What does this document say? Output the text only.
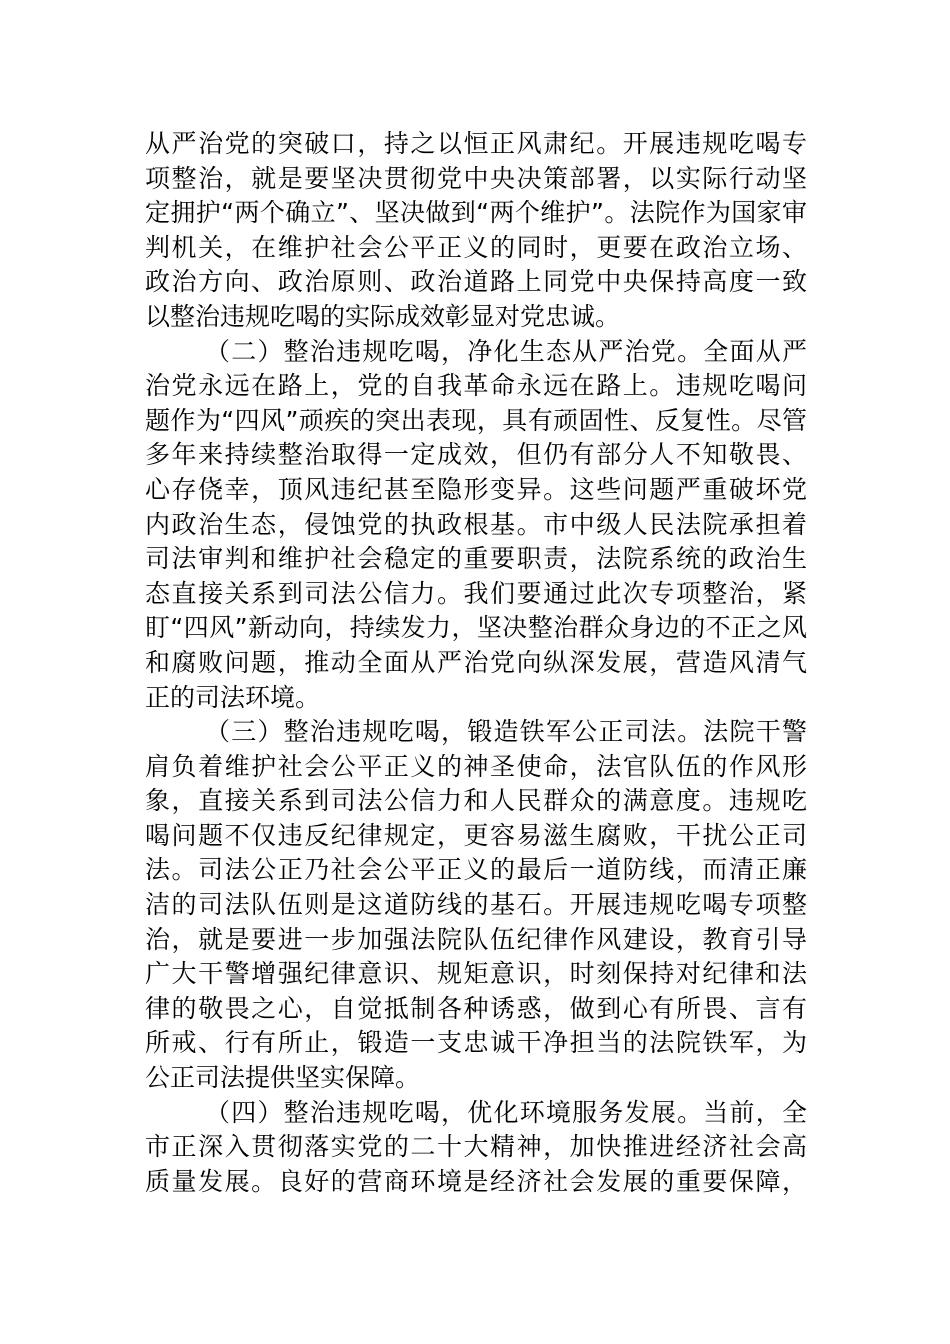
从严治党的突破口，持之以恒正风肃纪。开展违规吃喝专
项整治，就是要坚决贯彻党中央决策部署，以实际行动坚
定拥护“两个确立”、坚决做到“两个维护”。法院作为国家审
判机关，在维护社会公平正义的同时，更要在政治立场、
政治方向、政治原则、政治道路上同党中央保持高度一致
以整治违规吃喝的实际成效彰显对党忠诚。
（二）整治违规吃喝，净化生态从严治党。全面从严
治党永远在路上，党的自我革命永远在路上。违规吃喝问
题作为“四风”顽疾的突出表现，具有顽固性、反复性。尽管
多年来持续整治取得一定成效，但仍有部分人不知敬畏、
心存侥幸，顶风违纪甚至隐形变异。这些问题严重破坏党
内政治生态，侵蚀党的执政根基。市中级人民法院承担着
司法审判和维护社会稳定的重要职责，法院系统的政治生
态直接关系到司法公信力。我们要通过此次专项整治，紧
盯“四风”新动向，持续发力，坚决整治群众身边的不正之风
和腐败问题，推动全面从严治党向纵深发展，营造风清气
正的司法环境。
（三）整治违规吃喝，锻造铁军公正司法。法院干警
肩负着维护社会公平正义的神圣使命，法官队伍的作风形
象，直接关系到司法公信力和人民群众的满意度。违规吃
喝问题不仅违反纪律规定，更容易滋生腐败，干扰公正司
法。司法公正乃社会公平正义的最后一道防线，而清正廉
洁的司法队伍则是这道防线的基石。开展违规吃喝专项整
治，就是要进一步加强法院队伍纪律作风建设，教育引导
广大干警增强纪律意识、规矩意识，时刻保持对纪律和法
律的敬畏之心，自觉抵制各种诱惑，做到心有所畏、言有
所戒、行有所止，锻造一支忠诚干净担当的法院铁军，为
公正司法提供坚实保障。
（四）整治违规吃喝，优化环境服务发展。当前，全
市正深入贯彻落实党的二十大精神，加快推进经济社会高
质量发展。良好的营商环境是经济社会发展的重要保障，
